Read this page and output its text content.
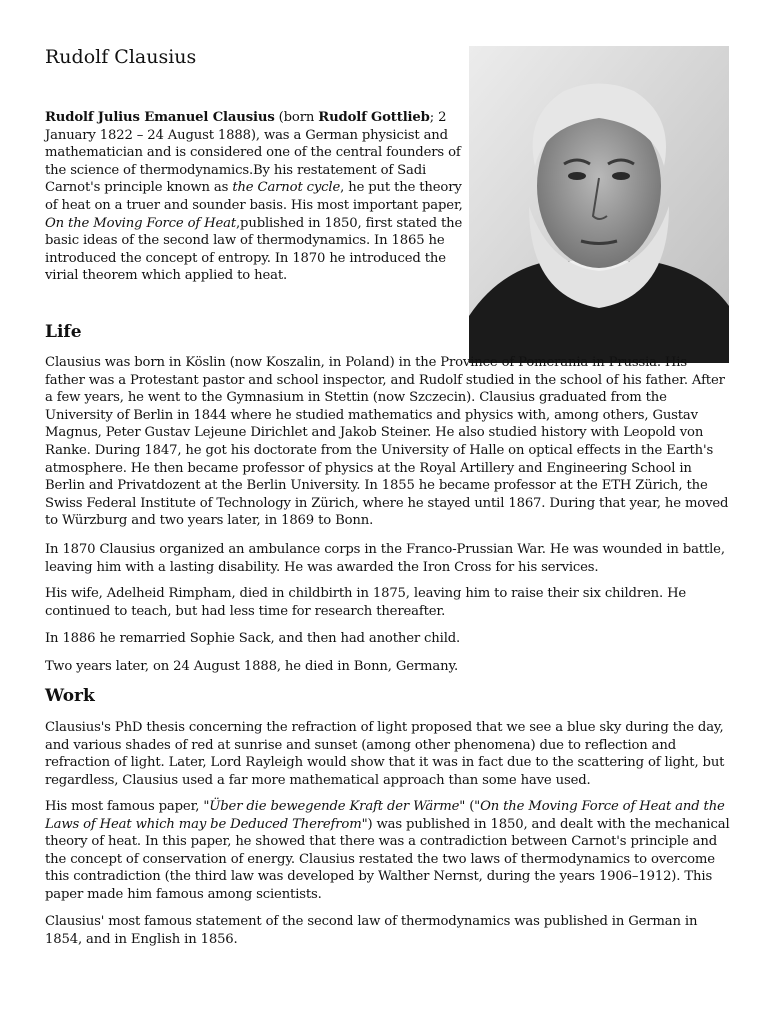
Rudolf Clausius

Rudolf Julius Emanuel Clausius (born Rudolf Gottlieb; 2 January 1822 – 24 August 1888), was a German physicist and mathematician and is considered one of the central founders of the science of thermodynamics.By his restatement of Sadi Carnot's principle known as the Carnot cycle, he put the theory of heat on a truer and sounder basis. His most important paper, On the Moving Force of Heat,published in 1850, first stated the basic ideas of the second law of thermodynamics. In 1865 he introduced the concept of entropy. In 1870 he introduced the virial theorem which applied to heat.

Life

Clausius was born in Köslin (now Koszalin, in Poland) in the Province of Pomerania in Prussia. His father was a Protestant pastor and school inspector, and Rudolf studied in the school of his father. After a few years, he went to the Gymnasium in Stettin (now Szczecin). Clausius graduated from the University of Berlin in 1844 where he studied mathematics and physics with, among others, Gustav Magnus, Peter Gustav Lejeune Dirichlet and Jakob Steiner. He also studied history with Leopold von Ranke. During 1847, he got his doctorate from the University of Halle on optical effects in the Earth's atmosphere. He then became professor of physics at the Royal Artillery and Engineering School in Berlin and Privatdozent at the Berlin University. In 1855 he became professor at the ETH Zürich, the Swiss Federal Institute of Technology in Zürich, where he stayed until 1867. During that year, he moved to Würzburg and two years later, in 1869 to Bonn.

In 1870 Clausius organized an ambulance corps in the Franco-Prussian War. He was wounded in battle, leaving him with a lasting disability. He was awarded the Iron Cross for his services.

His wife, Adelheid Rimpham, died in childbirth in 1875, leaving him to raise their six children. He continued to teach, but had less time for research thereafter.

In 1886 he remarried Sophie Sack, and then had another child.

Two years later, on 24 August 1888, he died in Bonn, Germany.

Work

Clausius's PhD thesis concerning the refraction of light proposed that we see a blue sky during the day, and various shades of red at sunrise and sunset (among other phenomena) due to reflection and refraction of light. Later, Lord Rayleigh would show that it was in fact due to the scattering of light, but regardless, Clausius used a far more mathematical approach than some have used.

His most famous paper, "Über die bewegende Kraft der Wärme" ("On the Moving Force of Heat and the Laws of Heat which may be Deduced Therefrom") was published in 1850, and dealt with the mechanical theory of heat. In this paper, he showed that there was a contradiction between Carnot's principle and the concept of conservation of energy. Clausius restated the two laws of thermodynamics to overcome this contradiction (the third law was developed by Walther Nernst, during the years 1906–1912). This paper made him famous among scientists.

Clausius' most famous statement of the second law of thermodynamics was published in German in 1854, and in English in 1856.
